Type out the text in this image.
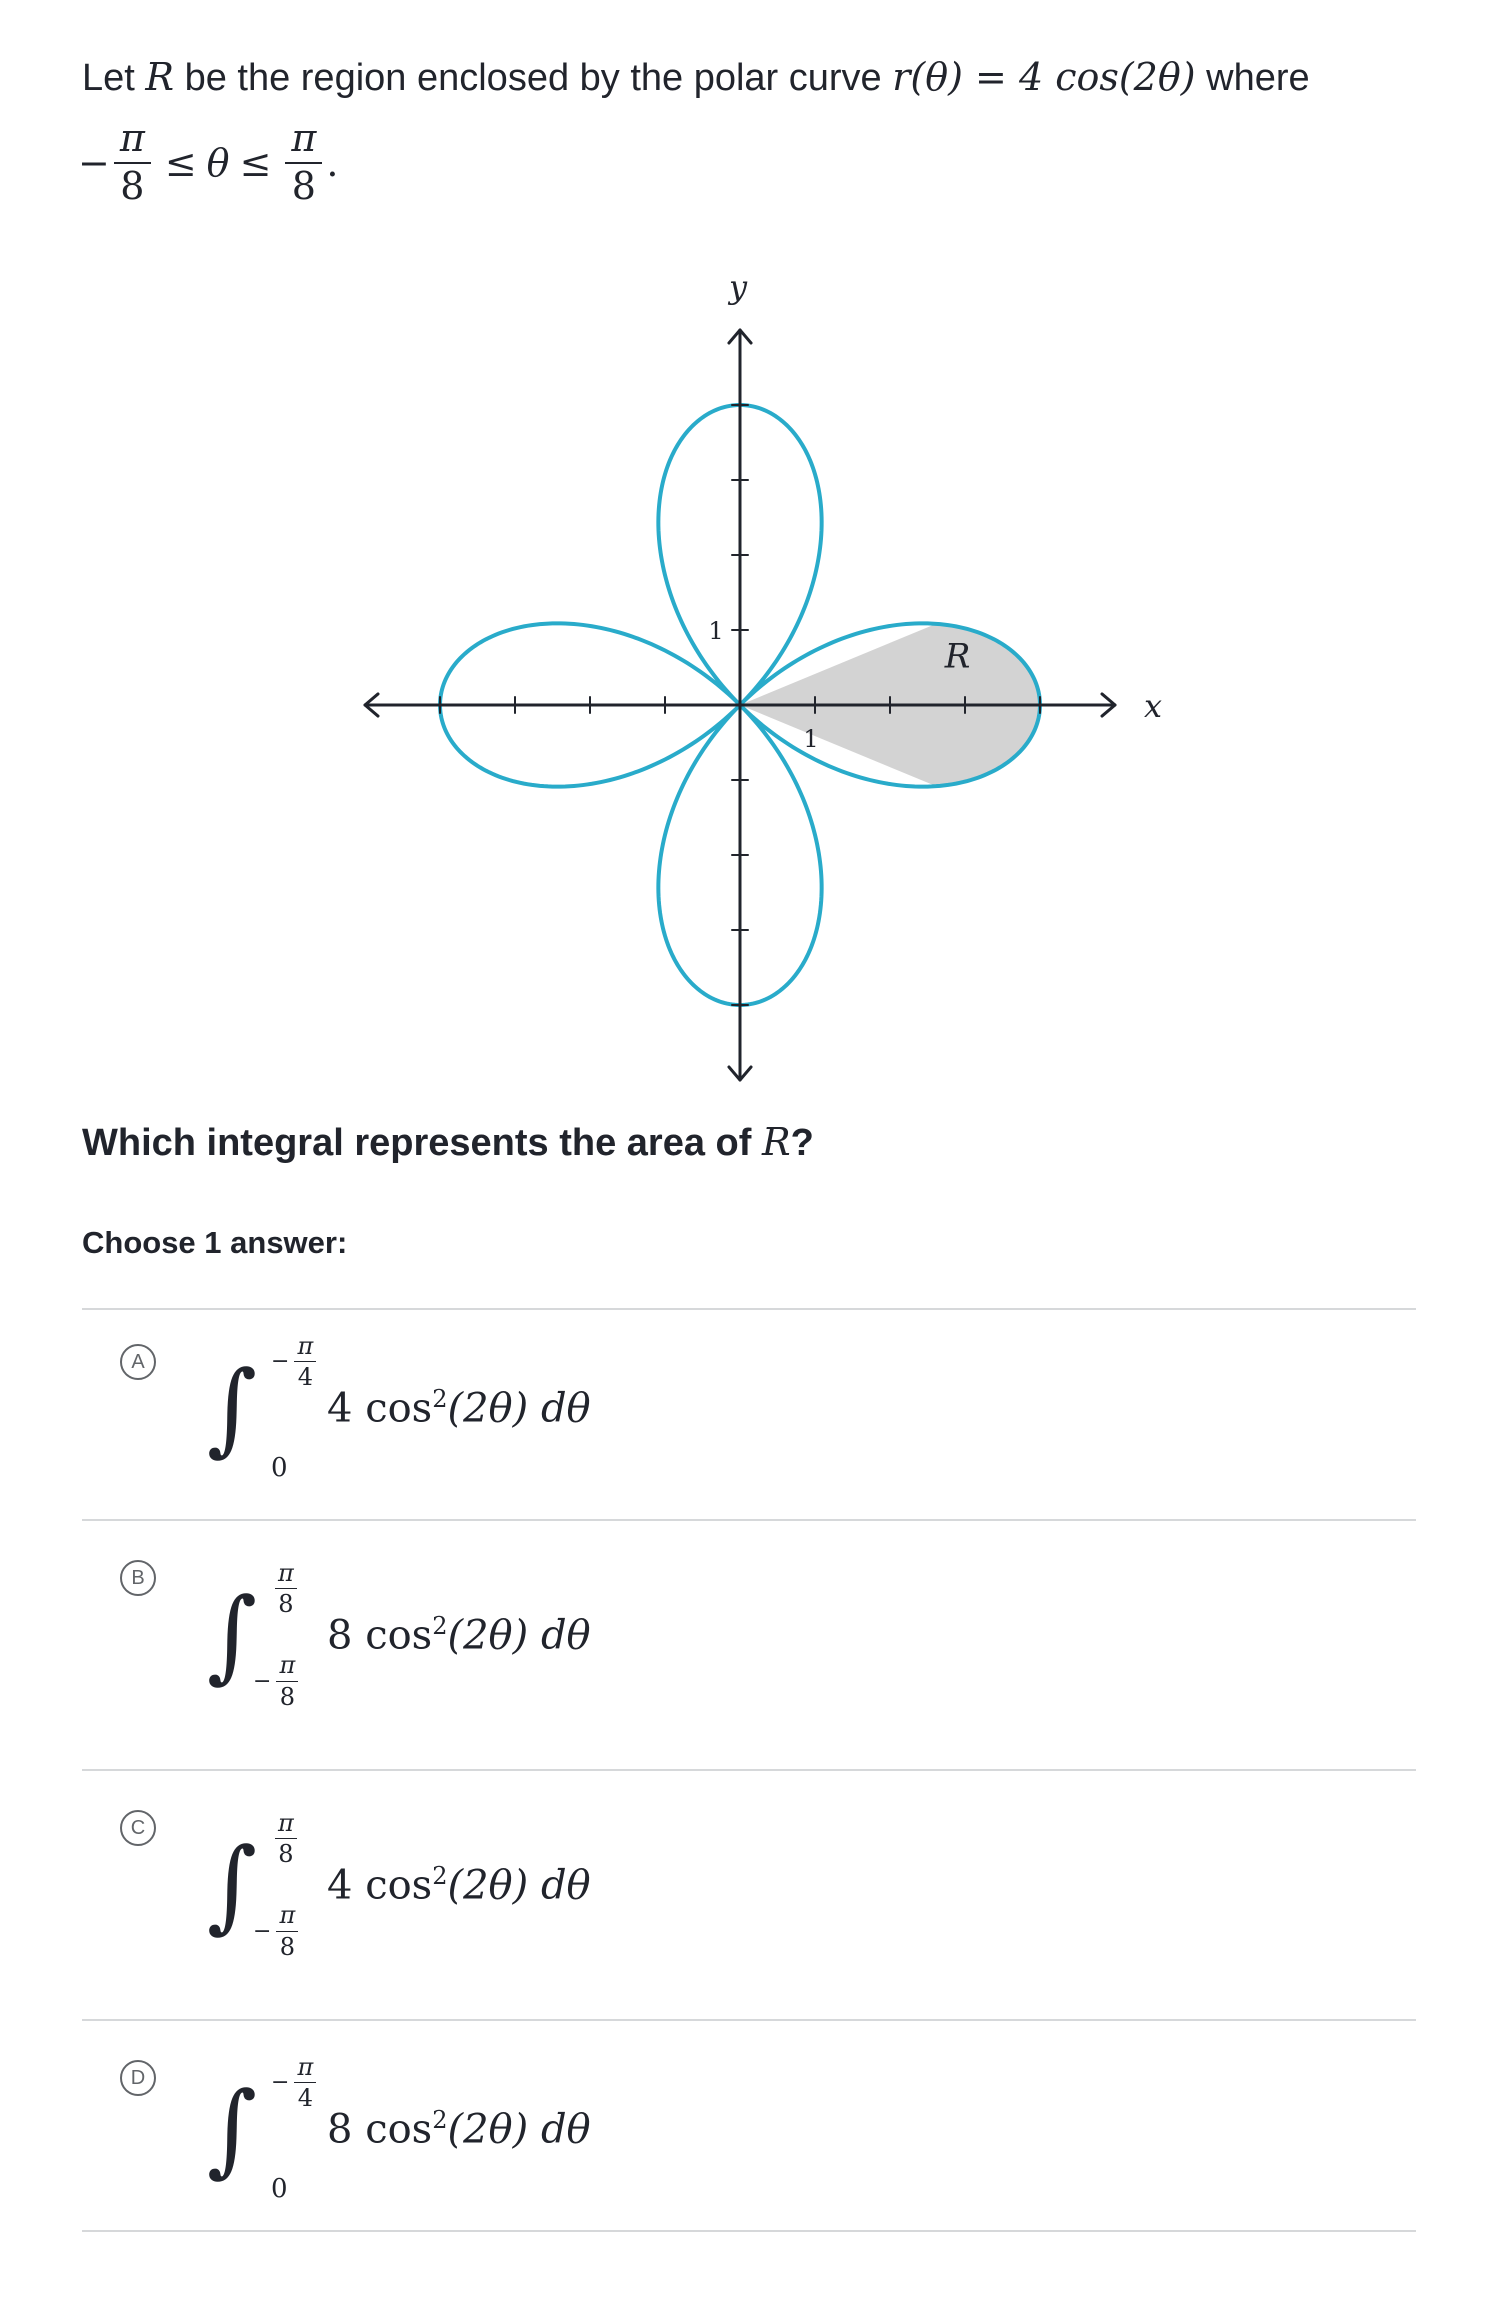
Let R be the region enclosed by the polar curve r(θ) = 4 cos(2θ) where
− $\frac{\pi}{8} \le \theta \le \frac{\pi}{8}$ .
x
y
1
1
R
Which integral represents the area of R?
Choose 1 answer:
A ∫ − $\frac{\pi}{4}$
0
4 $\cos^2(2\theta)$ dθ
B ∫ $\frac{\pi}{8}$
− $\frac{\pi}{8}$
8 $\cos^2(2\theta)$ dθ
C ∫ $\frac{\pi}{8}$
− $\frac{\pi}{8}$
4 $\cos^2(2\theta)$ dθ
D ∫ − $\frac{\pi}{4}$
0
8 $\cos^2(2\theta)$ dθ
